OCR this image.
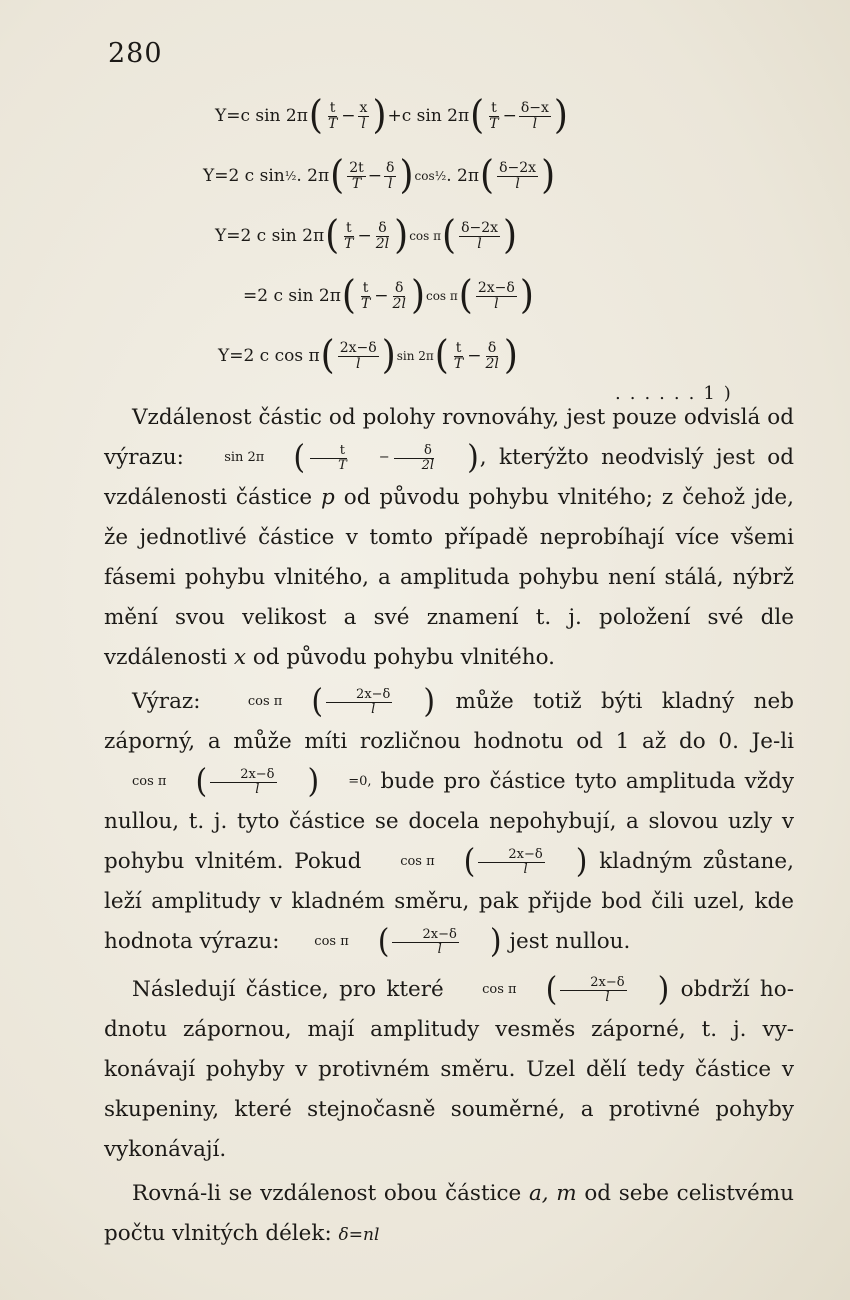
280
Y=c sin 2π ( $\frac{t}{T} - \frac{x}{l}$ ) +c sin 2π ( $\frac{t}{T} - \frac{\delta-x}{l}$ )
Y=2 c sin ½ . 2π ( $\frac{2t}{T} - \frac{\delta}{l}$ ) cos ½ . 2π ( $\frac{\delta-2x}{l}$ )
Y=2 c sin 2π ( $\frac{t}{T} - \frac{\delta}{2l}$ ) cos π ( $\frac{\delta-2x}{l}$ )
=2 c sin 2π ( $\frac{t}{T} - \frac{\delta}{2l}$ ) cos π ( $\frac{2x-\delta}{l}$ )
Y=2 c cos π ( $\frac{2x-\delta}{l}$ ) sin 2π ( $\frac{t}{T} - \frac{\delta}{2l}$ )
......1)

Vzdálenost částic od polohy rovnováhy, jest pouze odvislá od výrazu:	sin 2π ( $\frac{t}{T}$	− $\frac{\delta}{2l}$	) , kterýžto neodvislý jest od vzdálenosti částice p od původu pohybu vlnitého; z čehož jde, že jednotlivé částice v tomto případě neprobíhají více všemi fásemi pohybu vlnitého, a amplituda pohybu není stálá, nýbrž mění svou velikost a své znamení t. j. položení své dle vzdálenosti x od původu pohybu vlnitého.

Výraz:	cos π ( $\frac{2x-\delta}{l}$	) může totiž býti kladný neb záporný, a může míti rozličnou hodnotu od 1 až do 0. Je-li
cos π ( $\frac{2x-\delta}{l}$	)	=0, bude pro částice tyto amplituda vždy nullou, t. j. tyto částice se docela nepohybují, a slovou uzly v pohybu vlnitém. Pokud	cos π ( $\frac{2x-\delta}{l}$	) kladným zůstane, leží amplitudy v kladném směru, pak přijde bod čili uzel, kde hodnota výrazu:	cos π ( $\frac{2x-\delta}{l}$	) jest nullou.

Následují částice, pro které	cos π ( $\frac{2x-\delta}{l}$	) obdrží hodnotu zápornou, mají amplitudy vesměs záporné, t. j. vykonávají pohyby v protivném směru. Uzel dělí tedy částice v skupeniny, které stejnočasně souměrné, a protivné pohyby vykonávají.

Rovná-li se vzdálenost obou částice a, m od sebe celistvému počtu vlnitých délek: δ=nl
